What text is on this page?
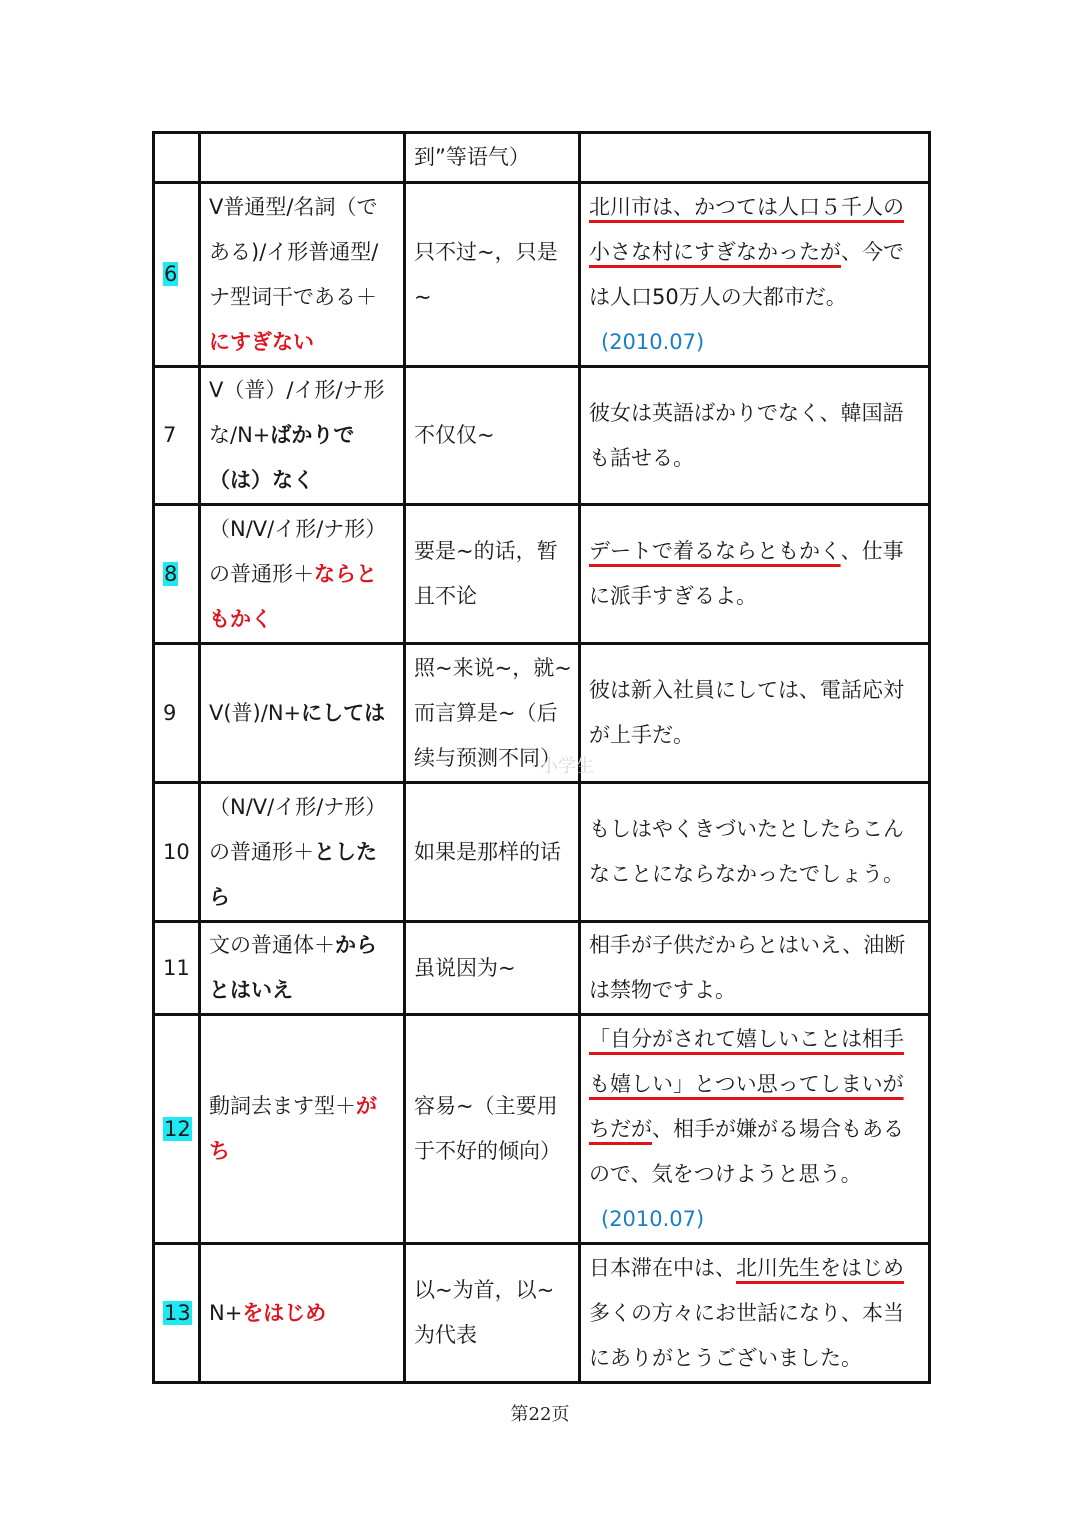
		到”等语气）	
6	V普通型/名詞（である)/イ形普通型/ナ型词干である＋
にすぎない	只不过~，只是~	北川市は、かつては人口５千人の小さな村にすぎなかったが、今では人口50万人の大都市だ。
(2010.07)
7	V（普）/イ形/ナ形な/N+ばかりで（は）なく	不仅仅~	彼女は英語ばかりでなく、韓国語も話せる。
8	（N/V/イ形/ナ形）の普通形＋ならともかく	要是~的话，暂且不论	デートで着るならともかく、仕事に派手すぎるよ。
9	V(普)/N+にしては	照~来说~，就~而言算是~（后续与预测不同）	彼は新入社員にしては、電話応対が上手だ。
10	（N/V/イ形/ナ形）の普通形＋としたら	如果是那样的话	もしはやくきづいたとしたらこんなことにならなかったでしょう。
11	文の普通体＋からとはいえ	虽说因为~	相手が子供だからとはいえ、油断は禁物ですよ。
12	動詞去ます型＋がち	容易~（主要用于不好的倾向）	「自分がされて嬉しいことは相手も嬉しい」とつい思ってしまいがちだが、相手が嫌がる場合もあるので、気をつけようと思う。
(2010.07)
13	N+をはじめ	以~为首，以~为代表	日本滞在中は、北川先生をはじめ多くの方々にお世話になり、本当にありがとうございました。
小学生
第22页
